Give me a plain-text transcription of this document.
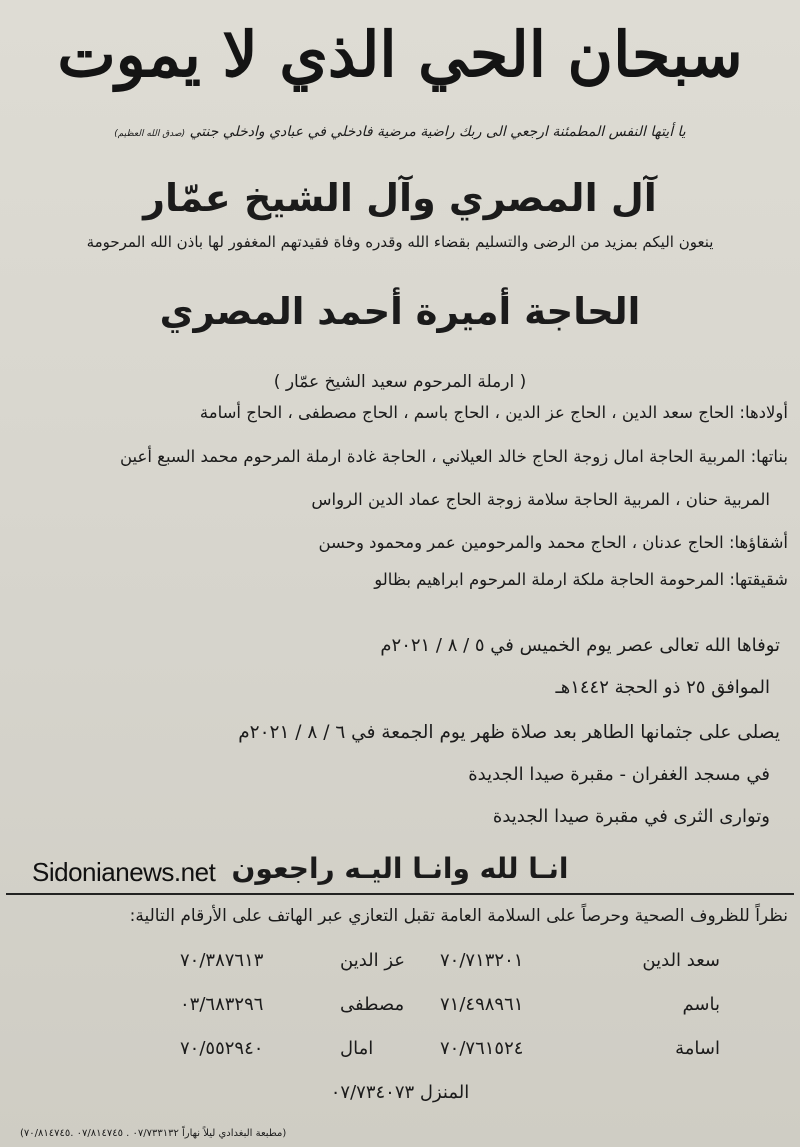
سبحان الحي الذي لا يموت
يا أيتها النفس المطمئنة ارجعي الى ربك راضية مرضية فادخلي في عبادي وادخلي جنتي (صدق الله العظيم)
آل المصري وآل الشيخ عمّار
ينعون اليكم بمزيد من الرضى والتسليم بقضاء الله وقدره وفاة فقيدتهم المغفور لها باذن الله المرحومة
الحاجة أميرة أحمد المصري
( ارملة المرحوم سعيد الشيخ عمّار )
أولادها: الحاج سعد الدين ، الحاج عز الدين ، الحاج باسم ، الحاج مصطفى ، الحاج أسامة
بناتها: المربية الحاجة امال زوجة الحاج خالد العيلاني ، الحاجة غادة ارملة المرحوم محمد السبع أعين
المربية حنان ، المربية الحاجة سلامة زوجة الحاج عماد الدين الرواس
أشقاؤها: الحاج عدنان ، الحاج محمد والمرحومين عمر ومحمود وحسن
شقيقتها: المرحومة الحاجة ملكة ارملة المرحوم ابراهيم بظالو
توفاها الله تعالى عصر يوم الخميس في ٥ / ٨ / ٢٠٢١م
الموافق ٢٥ ذو الحجة ١٤٤٢هـ
يصلى على جثمانها الطاهر بعد صلاة ظهر يوم الجمعة في ٦ / ٨ / ٢٠٢١م
في مسجد الغفران - مقبرة صيدا الجديدة
وتوارى الثرى في مقبرة صيدا الجديدة
انـا لله وانـا اليـه راجعون
Sidonianews.net
نظراً للظروف الصحية وحرصاً على السلامة العامة تقبل التعازي عبر الهاتف على الأرقام التالية:
سعد الدين
٧٠/٧١٣٢٠١
عز الدين
٧٠/٣٨٧٦١٣
باسم
٧١/٤٩٨٩٦١
مصطفى
٠٣/٦٨٣٢٩٦
اسامة
٧٠/٧٦١٥٢٤
امال
٧٠/٥٥٢٩٤٠
المنزل ٠٧/٧٣٤٠٧٣
(مطبعة البغدادي ليلاً نهاراً ٠٧/٧٣٣١٣٢ . ٠٧/٨١٤٧٤٥ .٧٠/٨١٤٧٤٥)
